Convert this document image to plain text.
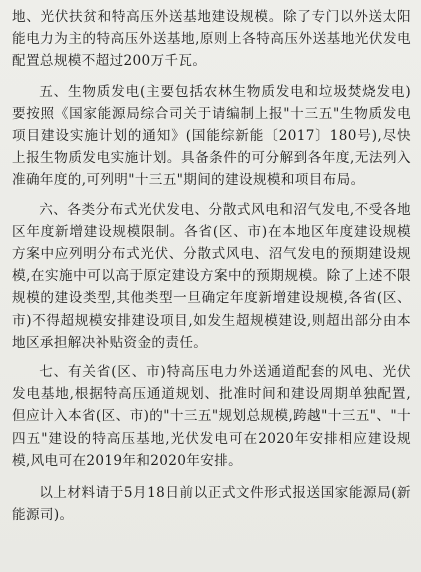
地、光伏扶贫和特高压外送基地建设规模。除了专门以外送太阳能电力为主的特高压外送基地,原则上各特高压外送基地光伏发电配置总规模不超过200万千瓦。

五、生物质发电(主要包括农林生物质发电和垃圾焚烧发电)要按照《国家能源局综合司关于请编制上报"十三五"生物质发电项目建设实施计划的通知》(国能综新能〔2017〕180号),尽快上报生物质发电实施计划。具备条件的可分解到各年度,无法列入准确年度的,可列明"十三五"期间的建设规模和项目布局。

六、各类分布式光伏发电、分散式风电和沼气发电,不受各地区年度新增建设规模限制。各省(区、市)在本地区年度建设规模方案中应列明分布式光伏、分散式风电、沼气发电的预期建设规模,在实施中可以高于原定建设方案中的预期规模。除了上述不限规模的建设类型,其他类型一旦确定年度新增建设规模,各省(区、市)不得超规模安排建设项目,如发生超规模建设,则超出部分由本地区承担解决补贴资金的责任。

七、有关省(区、市)特高压电力外送通道配套的风电、光伏发电基地,根据特高压通道规划、批准时间和建设周期单独配置,但应计入本省(区、市)的"十三五"规划总规模,跨越"十三五"、"十四五"建设的特高压基地,光伏发电可在2020年安排相应建设规模,风电可在2019年和2020年安排。

以上材料请于5月18日前以正式文件形式报送国家能源局(新能源司)。
